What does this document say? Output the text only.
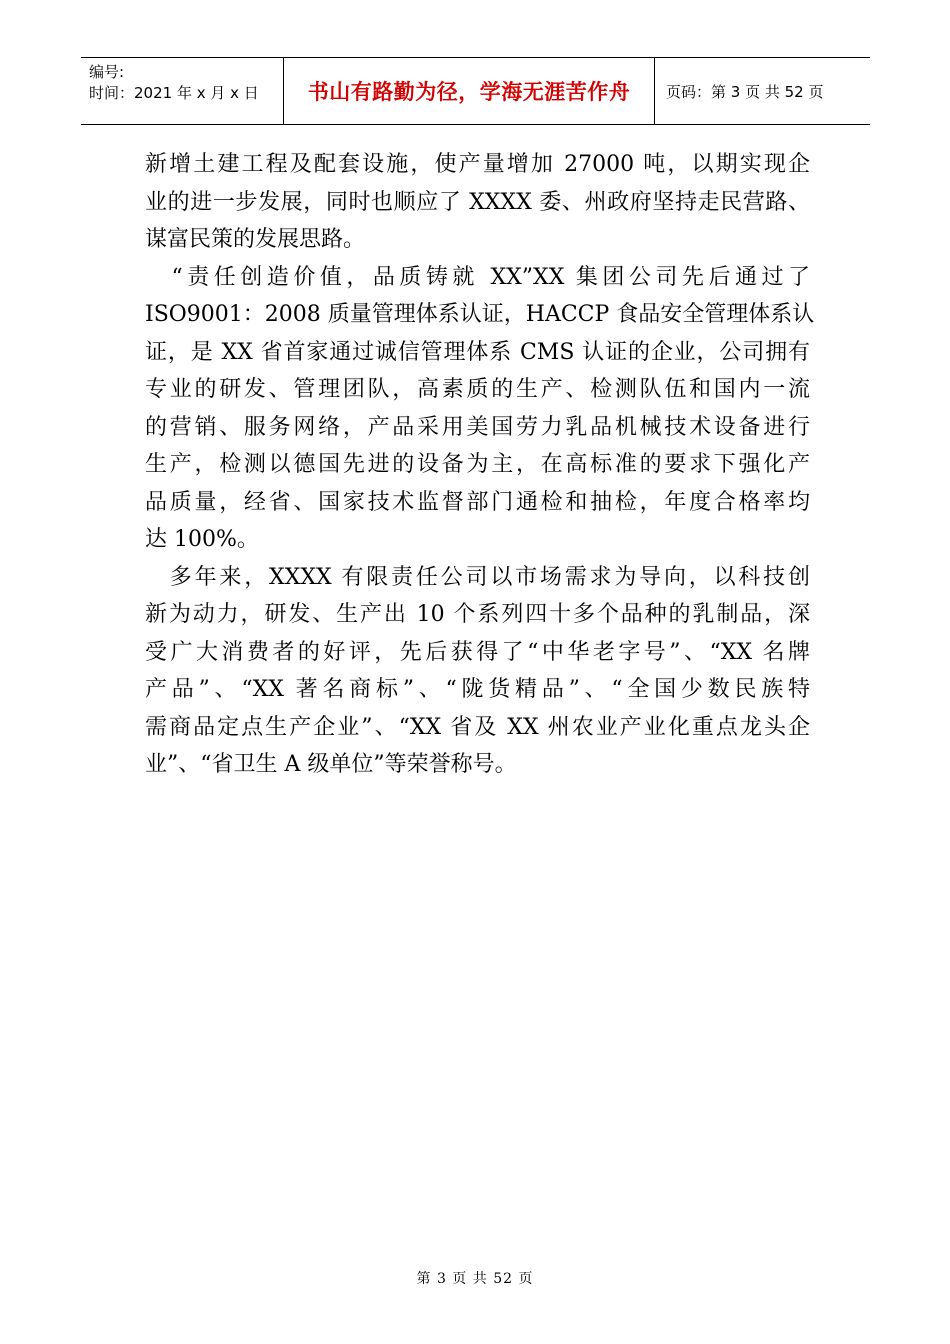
编号:
时间：2021 年 x 月 x 日	书山有路勤为径，学海无涯苦作舟	页码：第 3 页 共 52 页
新增土建工程及配套设施，使产量增加 27000 吨，以期实现企
业的进一步发展，同时也顺应了 XXXX 委、州政府坚持走民营路、
谋富民策的发展思路。
　“责任创造价值，品质铸就 XX”XX 集团公司先后通过了
ISO9001：2008 质量管理体系认证，HACCP 食品安全管理体系认
证，是 XX 省首家通过诚信管理体系 CMS 认证的企业，公司拥有
专业的研发、管理团队，高素质的生产、检测队伍和国内一流
的营销、服务网络，产品采用美国劳力乳品机械技术设备进行
生产，检测以德国先进的设备为主，在高标准的要求下强化产
品质量，经省、国家技术监督部门通检和抽检，年度合格率均
达 100%。
　多年来，XXXX 有限责任公司以市场需求为导向，以科技创
新为动力，研发、生产出 10 个系列四十多个品种的乳制品，深
受广大消费者的好评，先后获得了“中华老字号”、“XX 名牌
产品”、“XX 著名商标”、“陇货精品”、“全国少数民族特
需商品定点生产企业”、“XX 省及 XX 州农业产业化重点龙头企
业”、“省卫生 A 级单位”等荣誉称号。
第 3 页 共 52 页
